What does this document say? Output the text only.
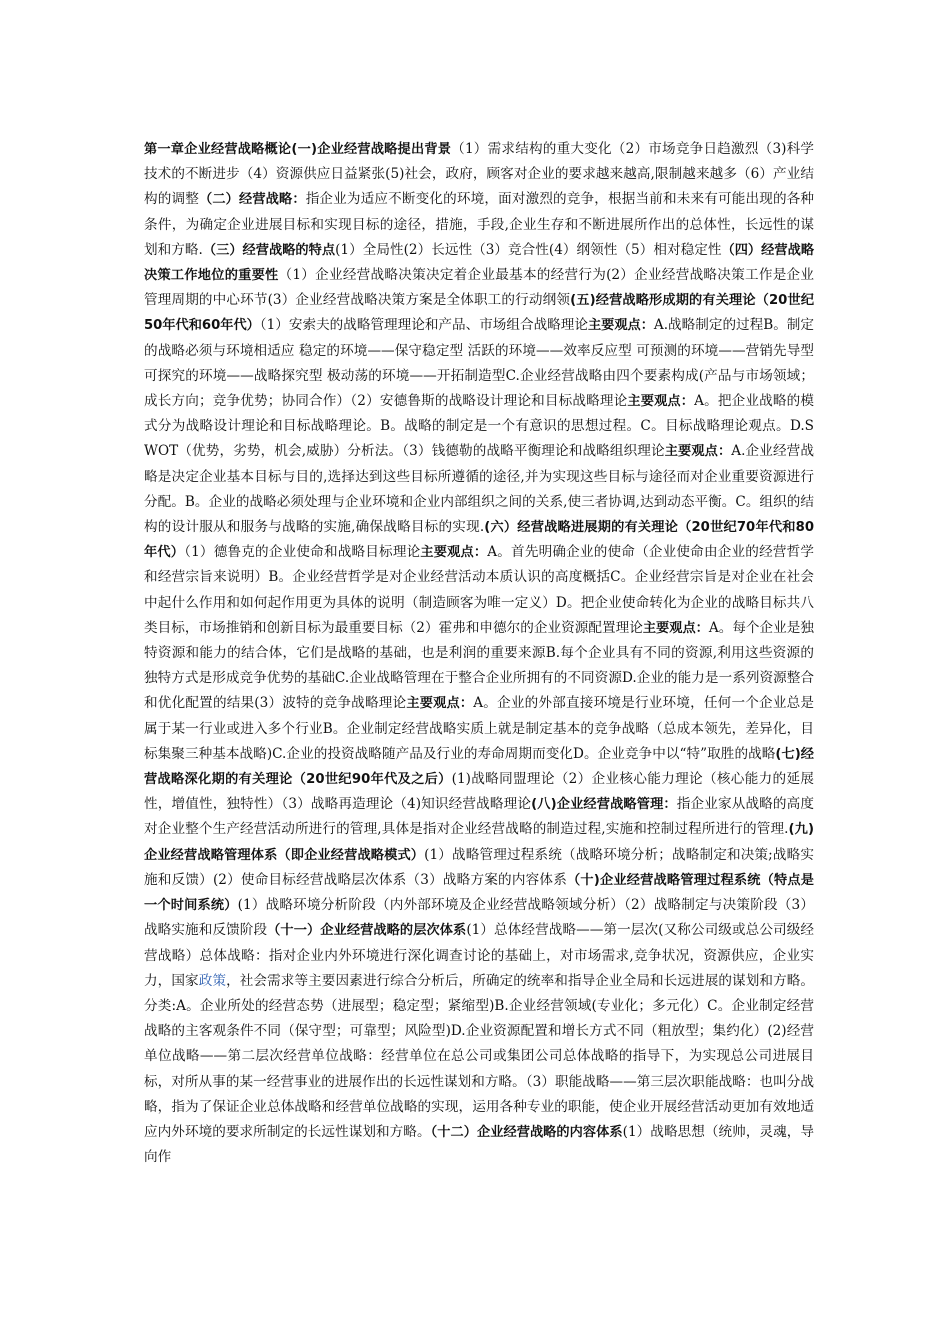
第一章企业经营战略概论(一)企业经营战略提出背景（1）需求结构的重大变化（2）市场竞争日趋激烈（3)科学技术的不断进步（4）资源供应日益紧张(5)社会，政府，顾客对企业的要求越来越高,限制越来越多（6）产业结构的调整（二）经营战略：指企业为适应不断变化的环境，面对激烈的竞争，根据当前和未来有可能出现的各种条件，为确定企业进展目标和实现目标的途径，措施，手段,企业生存和不断进展所作出的总体性，长远性的谋划和方略.（三）经营战略的特点(1）全局性(2）长远性（3）竞合性(4）纲领性（5）相对稳定性（四）经营战略决策工作地位的重要性（1）企业经营战略决策决定着企业最基本的经营行为(2）企业经营战略决策工作是企业管理周期的中心环节(3）企业经营战略决策方案是全体职工的行动纲领(五)经营战略形成期的有关理论（20世纪50年代和60年代）（1）安索夫的战略管理理论和产品、市场组合战略理论主要观点：A.战略制定的过程B。制定的战略必须与环境相适应 稳定的环境——保守稳定型 活跃的环境——效率反应型 可预测的环境——营销先导型可探究的环境——战略探究型 极动荡的环境——开拓制造型C.企业经营战略由四个要素构成(产品与市场领域；成长方向；竞争优势；协同合作）（2）安德鲁斯的战略设计理论和目标战略理论主要观点：A。把企业战略的模式分为战略设计理论和目标战略理论。B。战略的制定是一个有意识的思想过程。C。目标战略理论观点。D.SWOT（优势，劣势，机会,威胁）分析法。（3）钱德勒的战略平衡理论和战略组织理论主要观点：A.企业经营战略是决定企业基本目标与目的,选择达到这些目标所遵循的途径,并为实现这些目标与途径而对企业重要资源进行分配。B。企业的战略必须处理与企业环境和企业内部组织之间的关系,使三者协调,达到动态平衡。C。组织的结构的设计服从和服务与战略的实施,确保战略目标的实现.(六）经营战略进展期的有关理论（20世纪70年代和80年代）（1）德鲁克的企业使命和战略目标理论主要观点：A。首先明确企业的使命（企业使命由企业的经营哲学和经营宗旨来说明）B。企业经营哲学是对企业经营活动本质认识的高度概括C。企业经营宗旨是对企业在社会中起什么作用和如何起作用更为具体的说明（制造顾客为唯一定义）D。把企业使命转化为企业的战略目标共八类目标，市场推销和创新目标为最重要目标（2）霍弗和申德尔的企业资源配置理论主要观点：A。每个企业是独特资源和能力的结合体，它们是战略的基础，也是利润的重要来源B.每个企业具有不同的资源,利用这些资源的独特方式是形成竞争优势的基础C.企业战略管理在于整合企业所拥有的不同资源D.企业的能力是一系列资源整合和优化配置的结果(3）波特的竞争战略理论主要观点：A。企业的外部直接环境是行业环境，任何一个企业总是属于某一行业或进入多个行业B。企业制定经营战略实质上就是制定基本的竞争战略（总成本领先，差异化，目标集聚三种基本战略)C.企业的投资战略随产品及行业的寿命周期而变化D。企业竞争中以“特”取胜的战略(七)经营战略深化期的有关理论（20世纪90年代及之后）(1)战略同盟理论（2）企业核心能力理论（核心能力的延展性，增值性，独特性）（3）战略再造理论（4)知识经营战略理论(八)企业经营战略管理：指企业家从战略的高度对企业整个生产经营活动所进行的管理,具体是指对企业经营战略的制造过程,实施和控制过程所进行的管理.(九)企业经营战略管理体系（即企业经营战略模式）(1）战略管理过程系统（战略环境分析；战略制定和决策;战略实施和反馈）(2）使命目标经营战略层次体系（3）战略方案的内容体系（十)企业经营战略管理过程系统（特点是一个时间系统）(1）战略环境分析阶段（内外部环境及企业经营战略领域分析）（2）战略制定与决策阶段（3）战略实施和反馈阶段（十一）企业经营战略的层次体系(1）总体经营战略——第一层次(又称公司级或总公司级经营战略）总体战略：指对企业内外环境进行深化调查讨论的基础上，对市场需求,竞争状况，资源供应，企业实力，国家政策，社会需求等主要因素进行综合分析后，所确定的统率和指导企业全局和长远进展的谋划和方略。分类:A。企业所处的经营态势（进展型；稳定型；紧缩型)B.企业经营领域(专业化；多元化）C。企业制定经营战略的主客观条件不同（保守型；可靠型；风险型)D.企业资源配置和增长方式不同（粗放型；集约化）(2)经营单位战略——第二层次经营单位战略：经营单位在总公司或集团公司总体战略的指导下，为实现总公司进展目标，对所从事的某一经营事业的进展作出的长远性谋划和方略。（3）职能战略——第三层次职能战略：也叫分战略，指为了保证企业总体战略和经营单位战略的实现，运用各种专业的职能，使企业开展经营活动更加有效地适应内外环境的要求所制定的长远性谋划和方略。（十二）企业经营战略的内容体系(1）战略思想（统帅，灵魂，导向作
